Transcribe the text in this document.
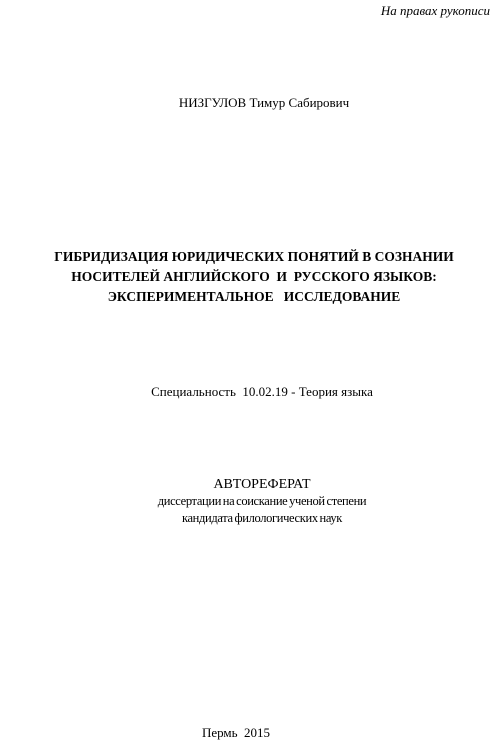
На правах рукописи
НИЗГУЛОВ Тимур Сабирович
ГИБРИДИЗАЦИЯ ЮРИДИЧЕСКИХ ПОНЯТИЙ В СОЗНАНИИ
НОСИТЕЛЕЙ АНГЛИЙСКОГО  И  РУССКОГО ЯЗЫКОВ:
ЭКСПЕРИМЕНТАЛЬНОЕ   ИССЛЕДОВАНИЕ
Специальность  10.02.19 - Теория языка
АВТОРЕФЕРАТ
диссертации на соискание ученой степени
кандидата филологических наук
Пермь  2015
